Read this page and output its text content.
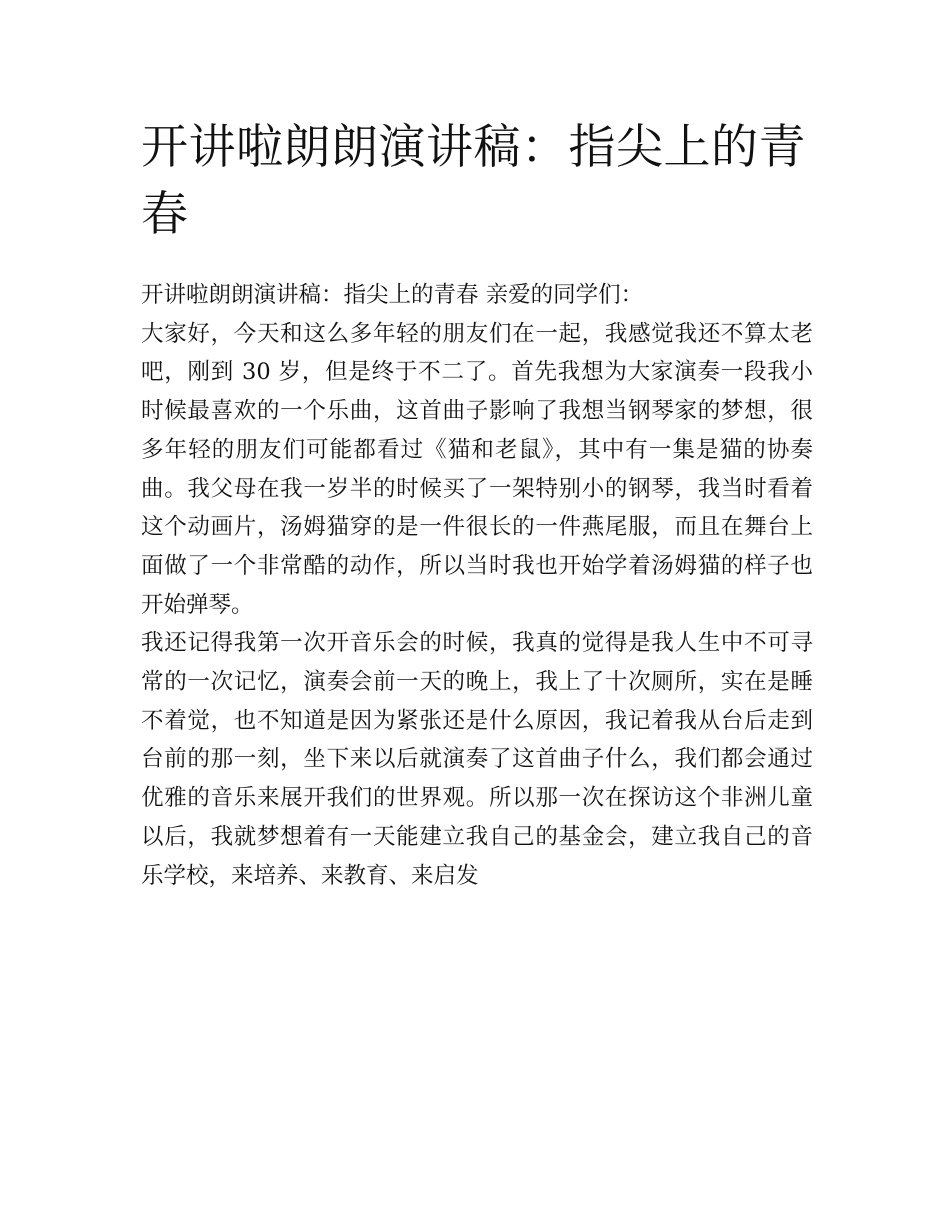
开讲啦朗朗演讲稿：指尖上的青春

开讲啦朗朗演讲稿：指尖上的青春 亲爱的同学们：

大家好，今天和这么多年轻的朋友们在一起，我感觉我还不算太老吧，刚到 30 岁，但是终于不二了。首先我想为大家演奏一段我小时候最喜欢的一个乐曲，这首曲子影响了我想当钢琴家的梦想，很多年轻的朋友们可能都看过《猫和老鼠》，其中有一集是猫的协奏曲。我父母在我一岁半的时候买了一架特别小的钢琴，我当时看着这个动画片，汤姆猫穿的是一件很长的一件燕尾服，而且在舞台上面做了一个非常酷的动作，所以当时我也开始学着汤姆猫的样子也开始弹琴。

我还记得我第一次开音乐会的时候，我真的觉得是我人生中不可寻常的一次记忆，演奏会前一天的晚上，我上了十次厕所，实在是睡不着觉，也不知道是因为紧张还是什么原因，我记着我从台后走到台前的那一刻，坐下来以后就演奏了这首曲子什么，我们都会通过优雅的音乐来展开我们的世界观。所以那一次在探访这个非洲儿童以后，我就梦想着有一天能建立我自己的基金会，建立我自己的音乐学校，来培养、来教育、来启发
